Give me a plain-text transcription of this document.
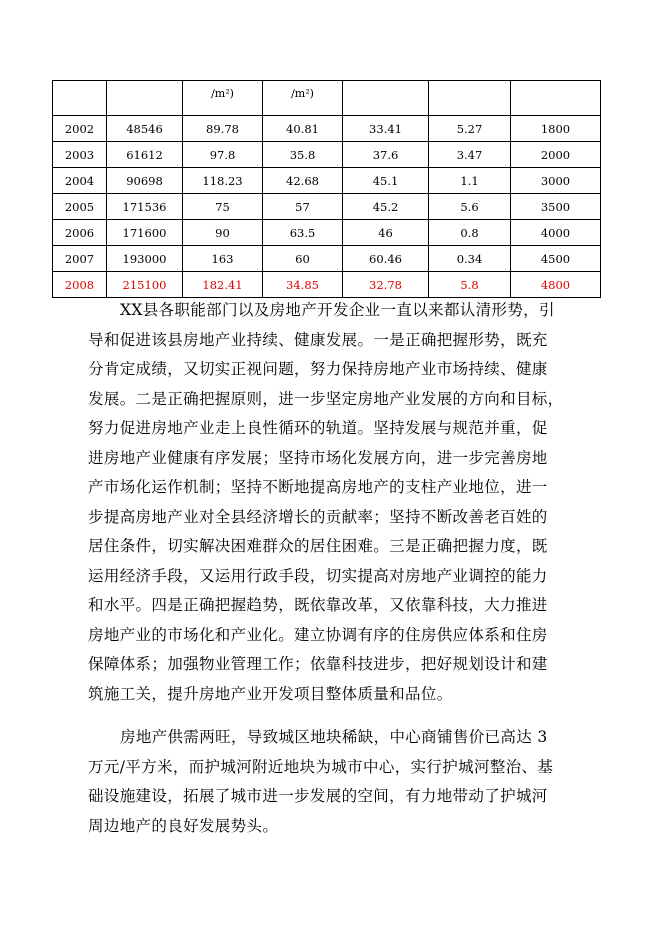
		/m²)	/m²)			
2002	48546	89.78	40.81	33.41	5.27	1800
2003	61612	97.8	35.8	37.6	3.47	2000
2004	90698	118.23	42.68	45.1	1.1	3000
2005	171536	75	57	45.2	5.6	3500
2006	171600	90	63.5	46	0.8	4000
2007	193000	163	60	60.46	0.34	4500
2008	215100	182.41	34.85	32.78	5.8	4800
XX县各职能部门以及房地产开发企业一直以来都认清形势，引
导和促进该县房地产业持续、健康发展。一是正确把握形势，既充
分肯定成绩，又切实正视问题，努力保持房地产业市场持续、健康
发展。二是正确把握原则，进一步坚定房地产业发展的方向和目标，
努力促进房地产业走上良性循环的轨道。坚持发展与规范并重，促
进房地产业健康有序发展；坚持市场化发展方向，进一步完善房地
产市场化运作机制；坚持不断地提高房地产的支柱产业地位，进一
步提高房地产业对全县经济增长的贡献率；坚持不断改善老百姓的
居住条件，切实解决困难群众的居住困难。三是正确把握力度，既
运用经济手段，又运用行政手段，切实提高对房地产业调控的能力
和水平。四是正确把握趋势，既依靠改革，又依靠科技，大力推进
房地产业的市场化和产业化。建立协调有序的住房供应体系和住房
保障体系；加强物业管理工作；依靠科技进步，把好规划设计和建
筑施工关，提升房地产业开发项目整体质量和品位。
房地产供需两旺，导致城区地块稀缺，中心商铺售价已高达 3
万元/平方米，而护城河附近地块为城市中心，实行护城河整治、基
础设施建设，拓展了城市进一步发展的空间，有力地带动了护城河
周边地产的良好发展势头。
